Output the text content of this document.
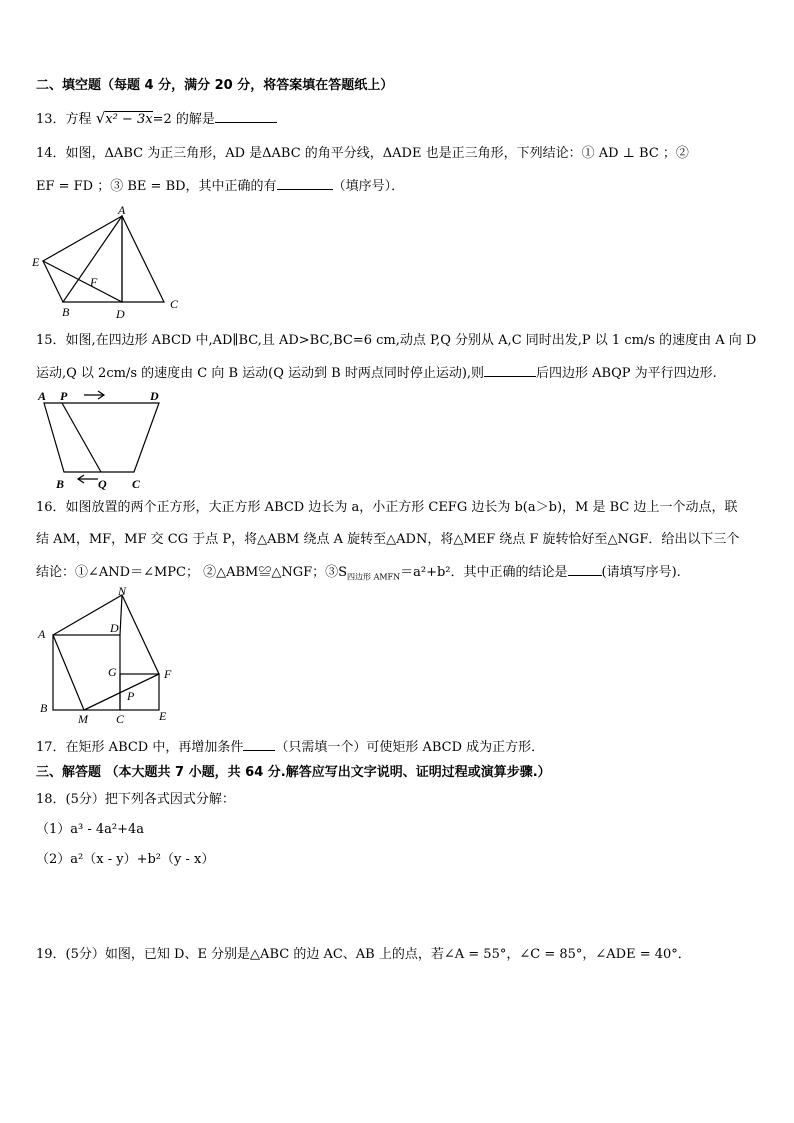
二、填空题（每题 4 分，满分 20 分，将答案填在答题纸上）
13．方程 √x² − 3x=2 的解是
14．如图，ΔABC 为正三角形，AD 是ΔABC 的角平分线，ΔADE 也是正三角形，下列结论：① AD ⊥ BC ；②
EF = FD ；③ BE = BD，其中正确的有	（填序号）．
A
E
F
B	D
C
15．如图,在四边形 ABCD 中,AD∥BC,且 AD>BC,BC=6 cm,动点 P,Q 分别从 A,C 同时出发,P 以 1 cm/s 的速度由 A 向 D
运动,Q 以 2cm/s 的速度由 C 向 B 运动(Q 运动到 B 时两点同时停止运动),则	后四边形 ABQP 为平行四边形.
A P	D
B	Q C
16．如图放置的两个正方形，大正方形 ABCD 边长为 a，小正方形 CEFG 边长为 b(a＞b)，M 是 BC 边上一个动点，联
结 AM，MF，MF 交 CG 于点 P，将△ABM 绕点 A 旋转至△ADN，将△MEF 绕点 F 旋转恰好至△NGF．给出以下三个
结论：①∠AND＝∠MPC； ②△ABM≌△NGF；$③S_{四边形 AMFN}=a^2+b^2$．其中正确的结论是	(请填写序号).
N
A	D
G	F
P
B
M C	E
17．在矩形 ABCD 中，再增加条件 （只需填一个）可使矩形 ABCD 成为正方形．
三、解答题 （本大题共 7 小题，共 64 分.解答应写出文字说明、证明过程或演算步骤.）
18．(5分）把下列各式因式分解：
（1）a³ - 4a²+4a
（2）a²（x - y）+b²（y - x）
19．(5分）如图，已知 D、E 分别是△ABC 的边 AC、AB 上的点，若∠A = 55°，∠C = 85°，∠ADE = 40°．
